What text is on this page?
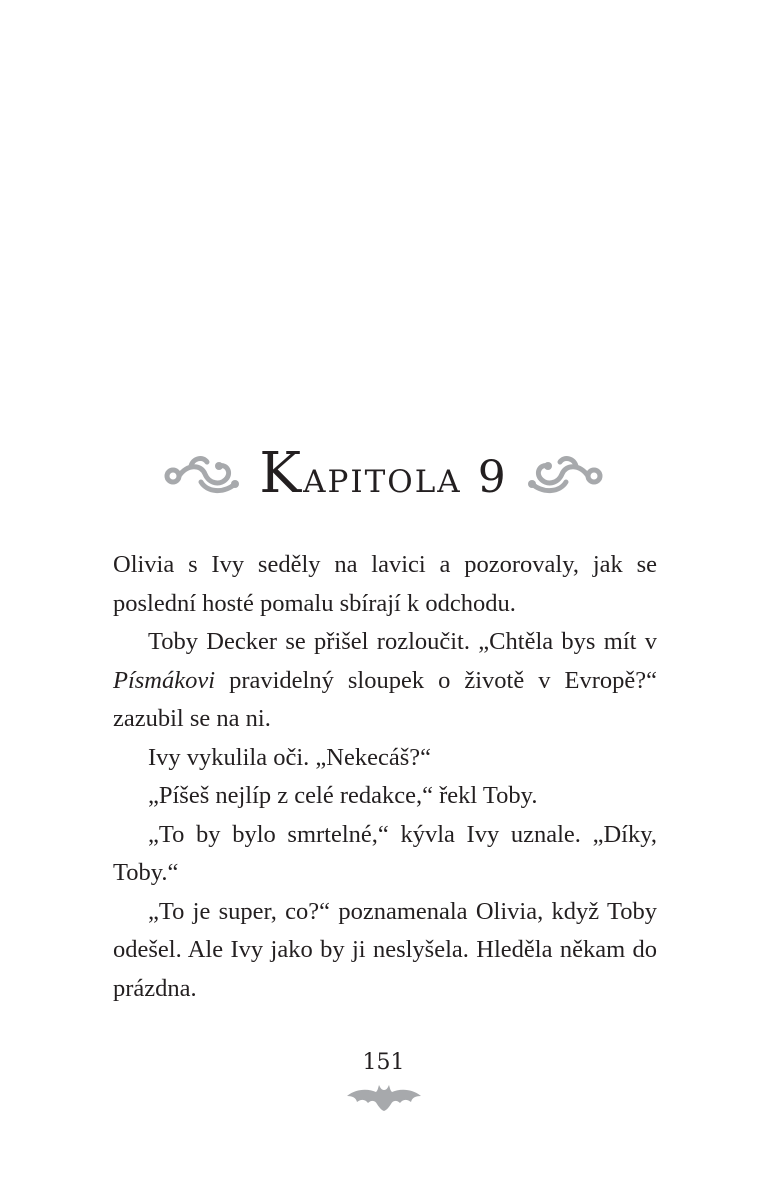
Kapitola 9

Olivia s Ivy seděly na lavici a pozorovaly, jak se poslední hosté pomalu sbírají k odchodu.

Toby Decker se přišel rozloučit. „Chtěla bys mít v Písmákovi pravidelný sloupek o životě v Evropě?“ zazubil se na ni.

Ivy vykulila oči. „Nekecáš?“

„Píšeš nejlíp z celé redakce,“ řekl Toby.

„To by bylo smrtelné,“ kývla Ivy uznale. „Díky, Toby.“

„To je super, co?“ poznamenala Olivia, když Toby odešel. Ale Ivy jako by ji neslyšela. Hleděla někam do prázdna.

151
